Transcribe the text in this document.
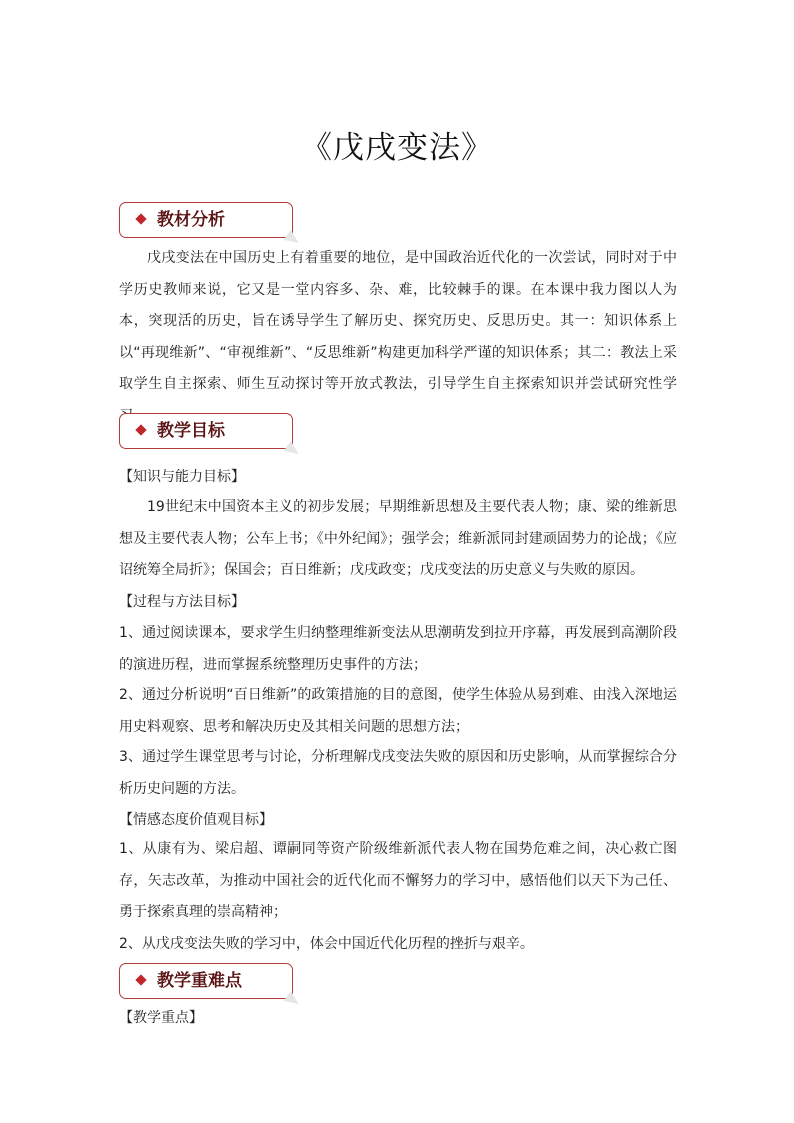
《戊戌变法》
教材分析

戊戌变法在中国历史上有着重要的地位，是中国政治近代化的一次尝试，同时对于中学历史教师来说，它又是一堂内容多、杂、难，比较棘手的课。在本课中我力图以人为本，突现活的历史，旨在诱导学生了解历史、探究历史、反思历史。其一：知识体系上以“再现维新”、“审视维新”、“反思维新”构建更加科学严谨的知识体系；其二：教法上采取学生自主探索、师生互动探讨等开放式教法，引导学生自主探索知识并尝试研究性学

教学目标

【知识与能力目标】

19世纪末中国资本主义的初步发展；早期维新思想及主要代表人物；康、梁的维新思想及主要代表人物；公车上书；《中外纪闻》；强学会；维新派同封建顽固势力的论战；《应诏统筹全局折》；保国会；百日维新；戊戌政变；戊戌变法的历史意义与失败的原因。

【过程与方法目标】

1、通过阅读课本，要求学生归纳整理维新变法从思潮萌发到拉开序幕，再发展到高潮阶段的演进历程，进而掌握系统整理历史事件的方法；

2、通过分析说明“百日维新”的政策措施的目的意图，使学生体验从易到难、由浅入深地运用史料观察、思考和解决历史及其相关问题的思想方法；

3、通过学生课堂思考与讨论，分析理解戊戌变法失败的原因和历史影响，从而掌握综合分析历史问题的方法。

【情感态度价值观目标】

1、从康有为、梁启超、谭嗣同等资产阶级维新派代表人物在国势危难之间，决心救亡图存，矢志改革，为推动中国社会的近代化而不懈努力的学习中，感悟他们以天下为己任、勇于探索真理的崇高精神；

2、从戊戌变法失败的学习中，体会中国近代化历程的挫折与艰辛。

教学重难点

【教学重点】
